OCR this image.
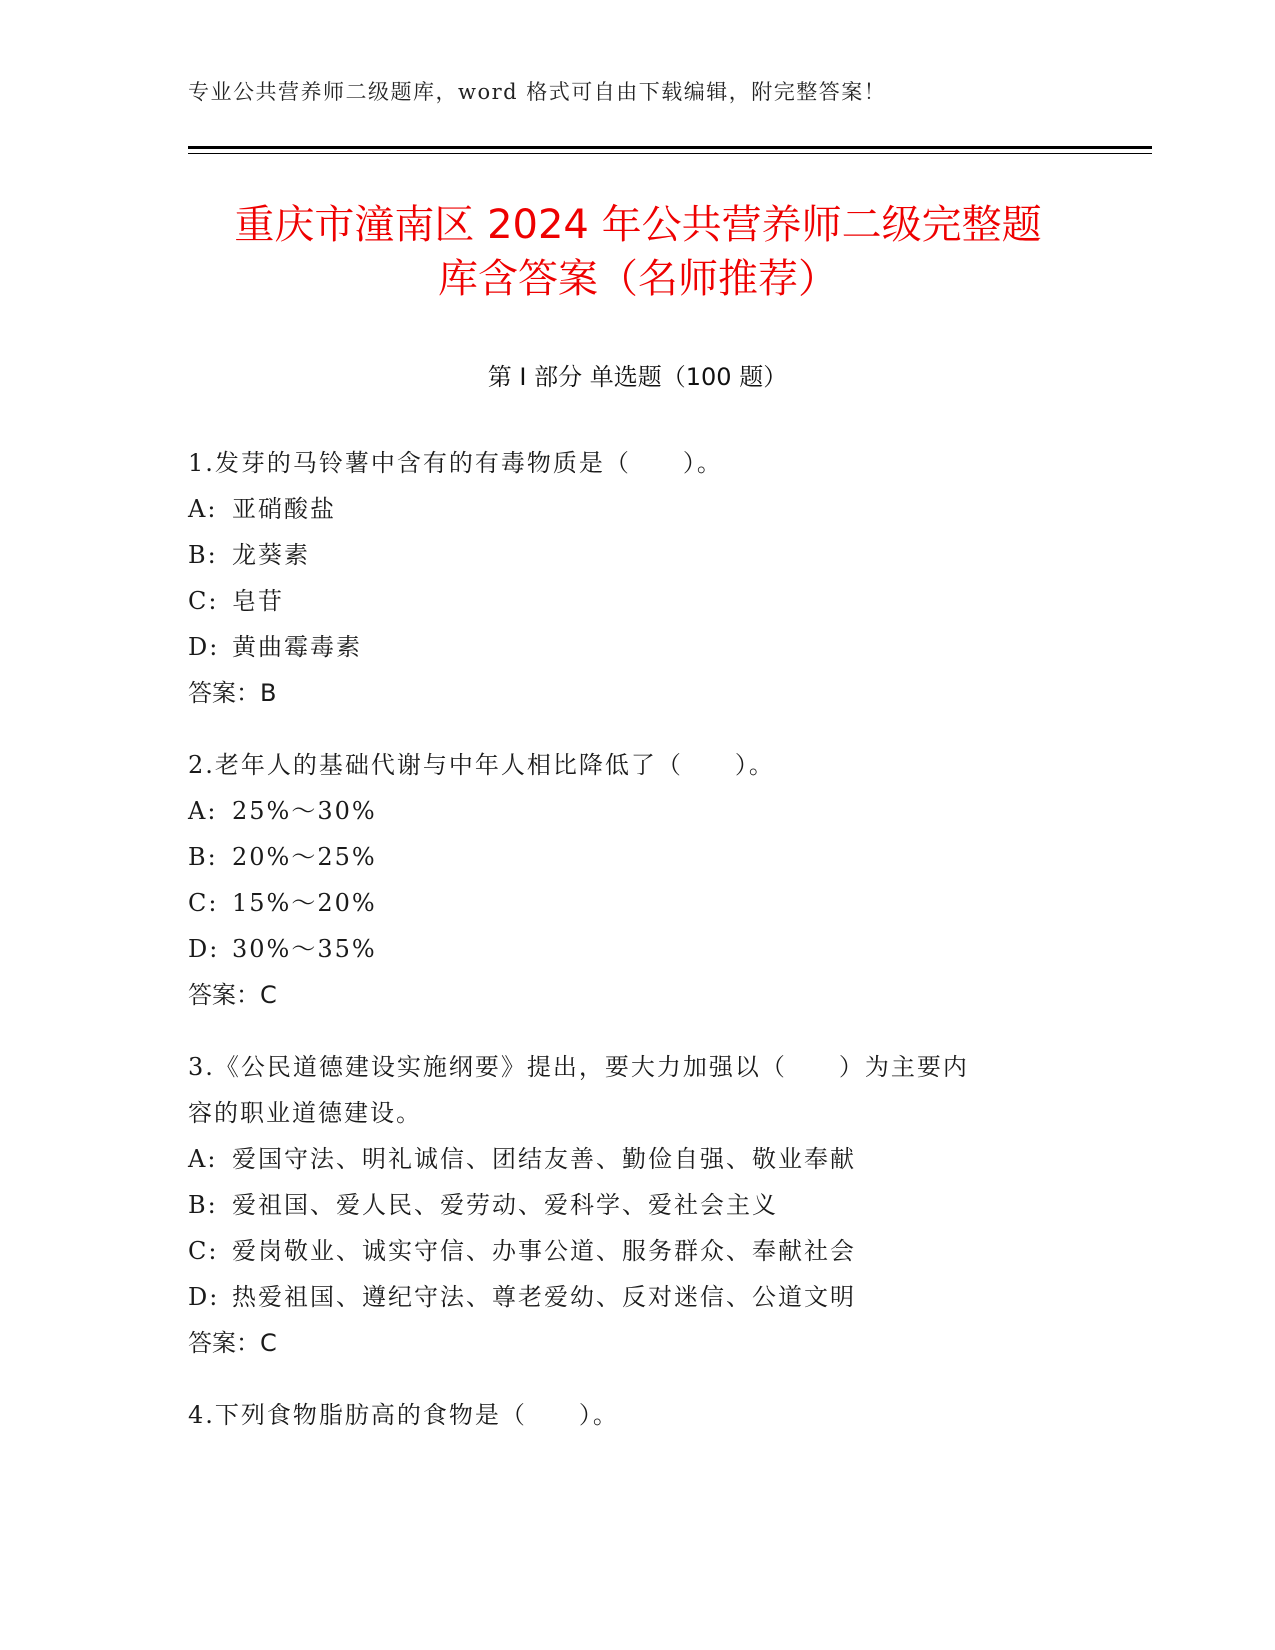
专业公共营养师二级题库，word 格式可自由下载编辑，附完整答案！
重庆市潼南区 2024 年公共营养师二级完整题
库含答案（名师推荐）
第 I 部分 单选题（100 题）
1.发芽的马铃薯中含有的有毒物质是（　　）。
A: 亚硝酸盐
B: 龙葵素
C: 皂苷
D: 黄曲霉毒素
答案：B
2.老年人的基础代谢与中年人相比降低了（　　）。
A: 25%～30%
B: 20%～25%
C: 15%～20%
D: 30%～35%
答案：C
3.《公民道德建设实施纲要》提出，要大力加强以（　　）为主要内
容的职业道德建设。
A: 爱国守法、明礼诚信、团结友善、勤俭自强、敬业奉献
B: 爱祖国、爱人民、爱劳动、爱科学、爱社会主义
C: 爱岗敬业、诚实守信、办事公道、服务群众、奉献社会
D: 热爱祖国、遵纪守法、尊老爱幼、反对迷信、公道文明
答案：C
4.下列食物脂肪高的食物是（　　）。
